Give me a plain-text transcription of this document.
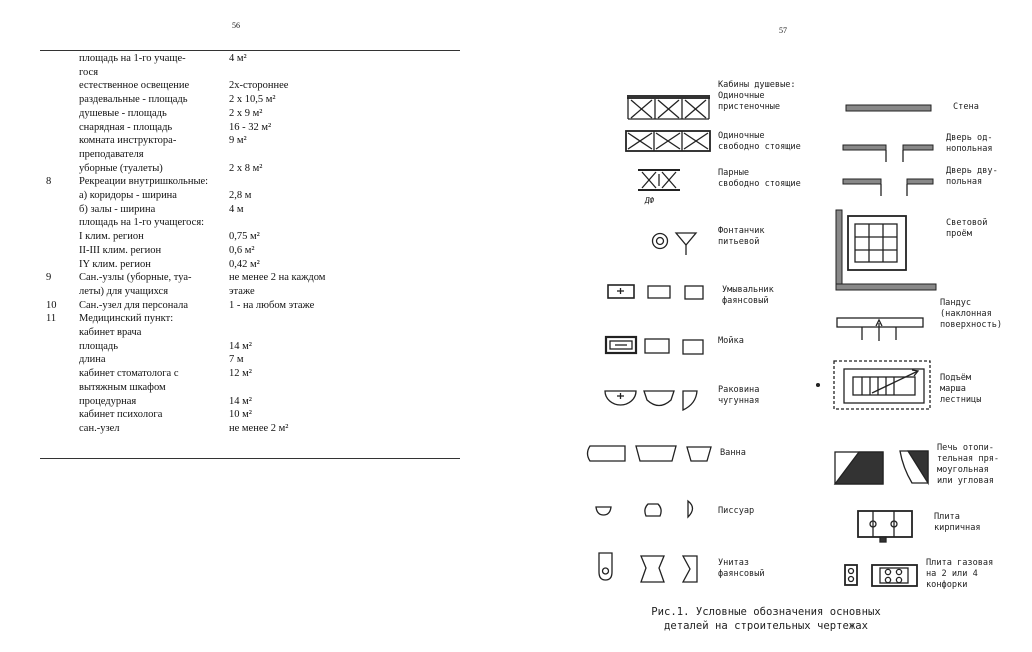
56
площадь на 1-го учаще-	4 м²
гося
естественное освещение	2х-стороннее
раздевальные - площадь	2 х 10,5 м²
душевые - площадь	2 х 9 м²
снарядная - площадь	16 - 32 м²
комната инструктора-	9 м²
преподавателя
уборные (туалеты)	2 х 8 м²
8	Рекреации внутришкольные:
а) коридоры - ширина	2,8 м
б) залы - ширина	4 м
площадь на 1-го учащегося:
I клим. регион	0,75 м²
II-III клим. регион	0,6 м²
IY клим. регион	0,42 м²
9	Сан.-узлы (уборные, туа-	не менее 2 на каждом
леты) для учащихся	этаже
10 Сан.-узел для персонала	1 - на любом этаже
11 Медицинский пункт:
кабинет врача
площадь	14 м²
длина	7 м
кабинет стоматолога с	12 м²
вытяжным шкафом
процедурная	14 м²
кабинет психолога	10 м²
сан.-узел	не менее 2 м²
57
Кабины душевые:
Одиночные
пристеночные
Одиночные
свободно стоящие
Парные
свободно стоящие
Фонтанчик
питьевой
Умывальник
фаянсовый
Мойка
Раковина
чугунная
Ванна
Писсуар
Унитаз
фаянсовый
Стена
Дверь од-
нопольная
Дверь дву-
польная
Световой
проём
Пандус
(наклонная
поверхность)
Подъём
марша
лестницы
Печь отопи-
тельная пря-
моугольная
или угловая
Плита
кирпичная
Плита газовая
на 2 или 4
конфорки
Рис.1. Условные обозначения основных
деталей на строительных чертежах
ДФ
